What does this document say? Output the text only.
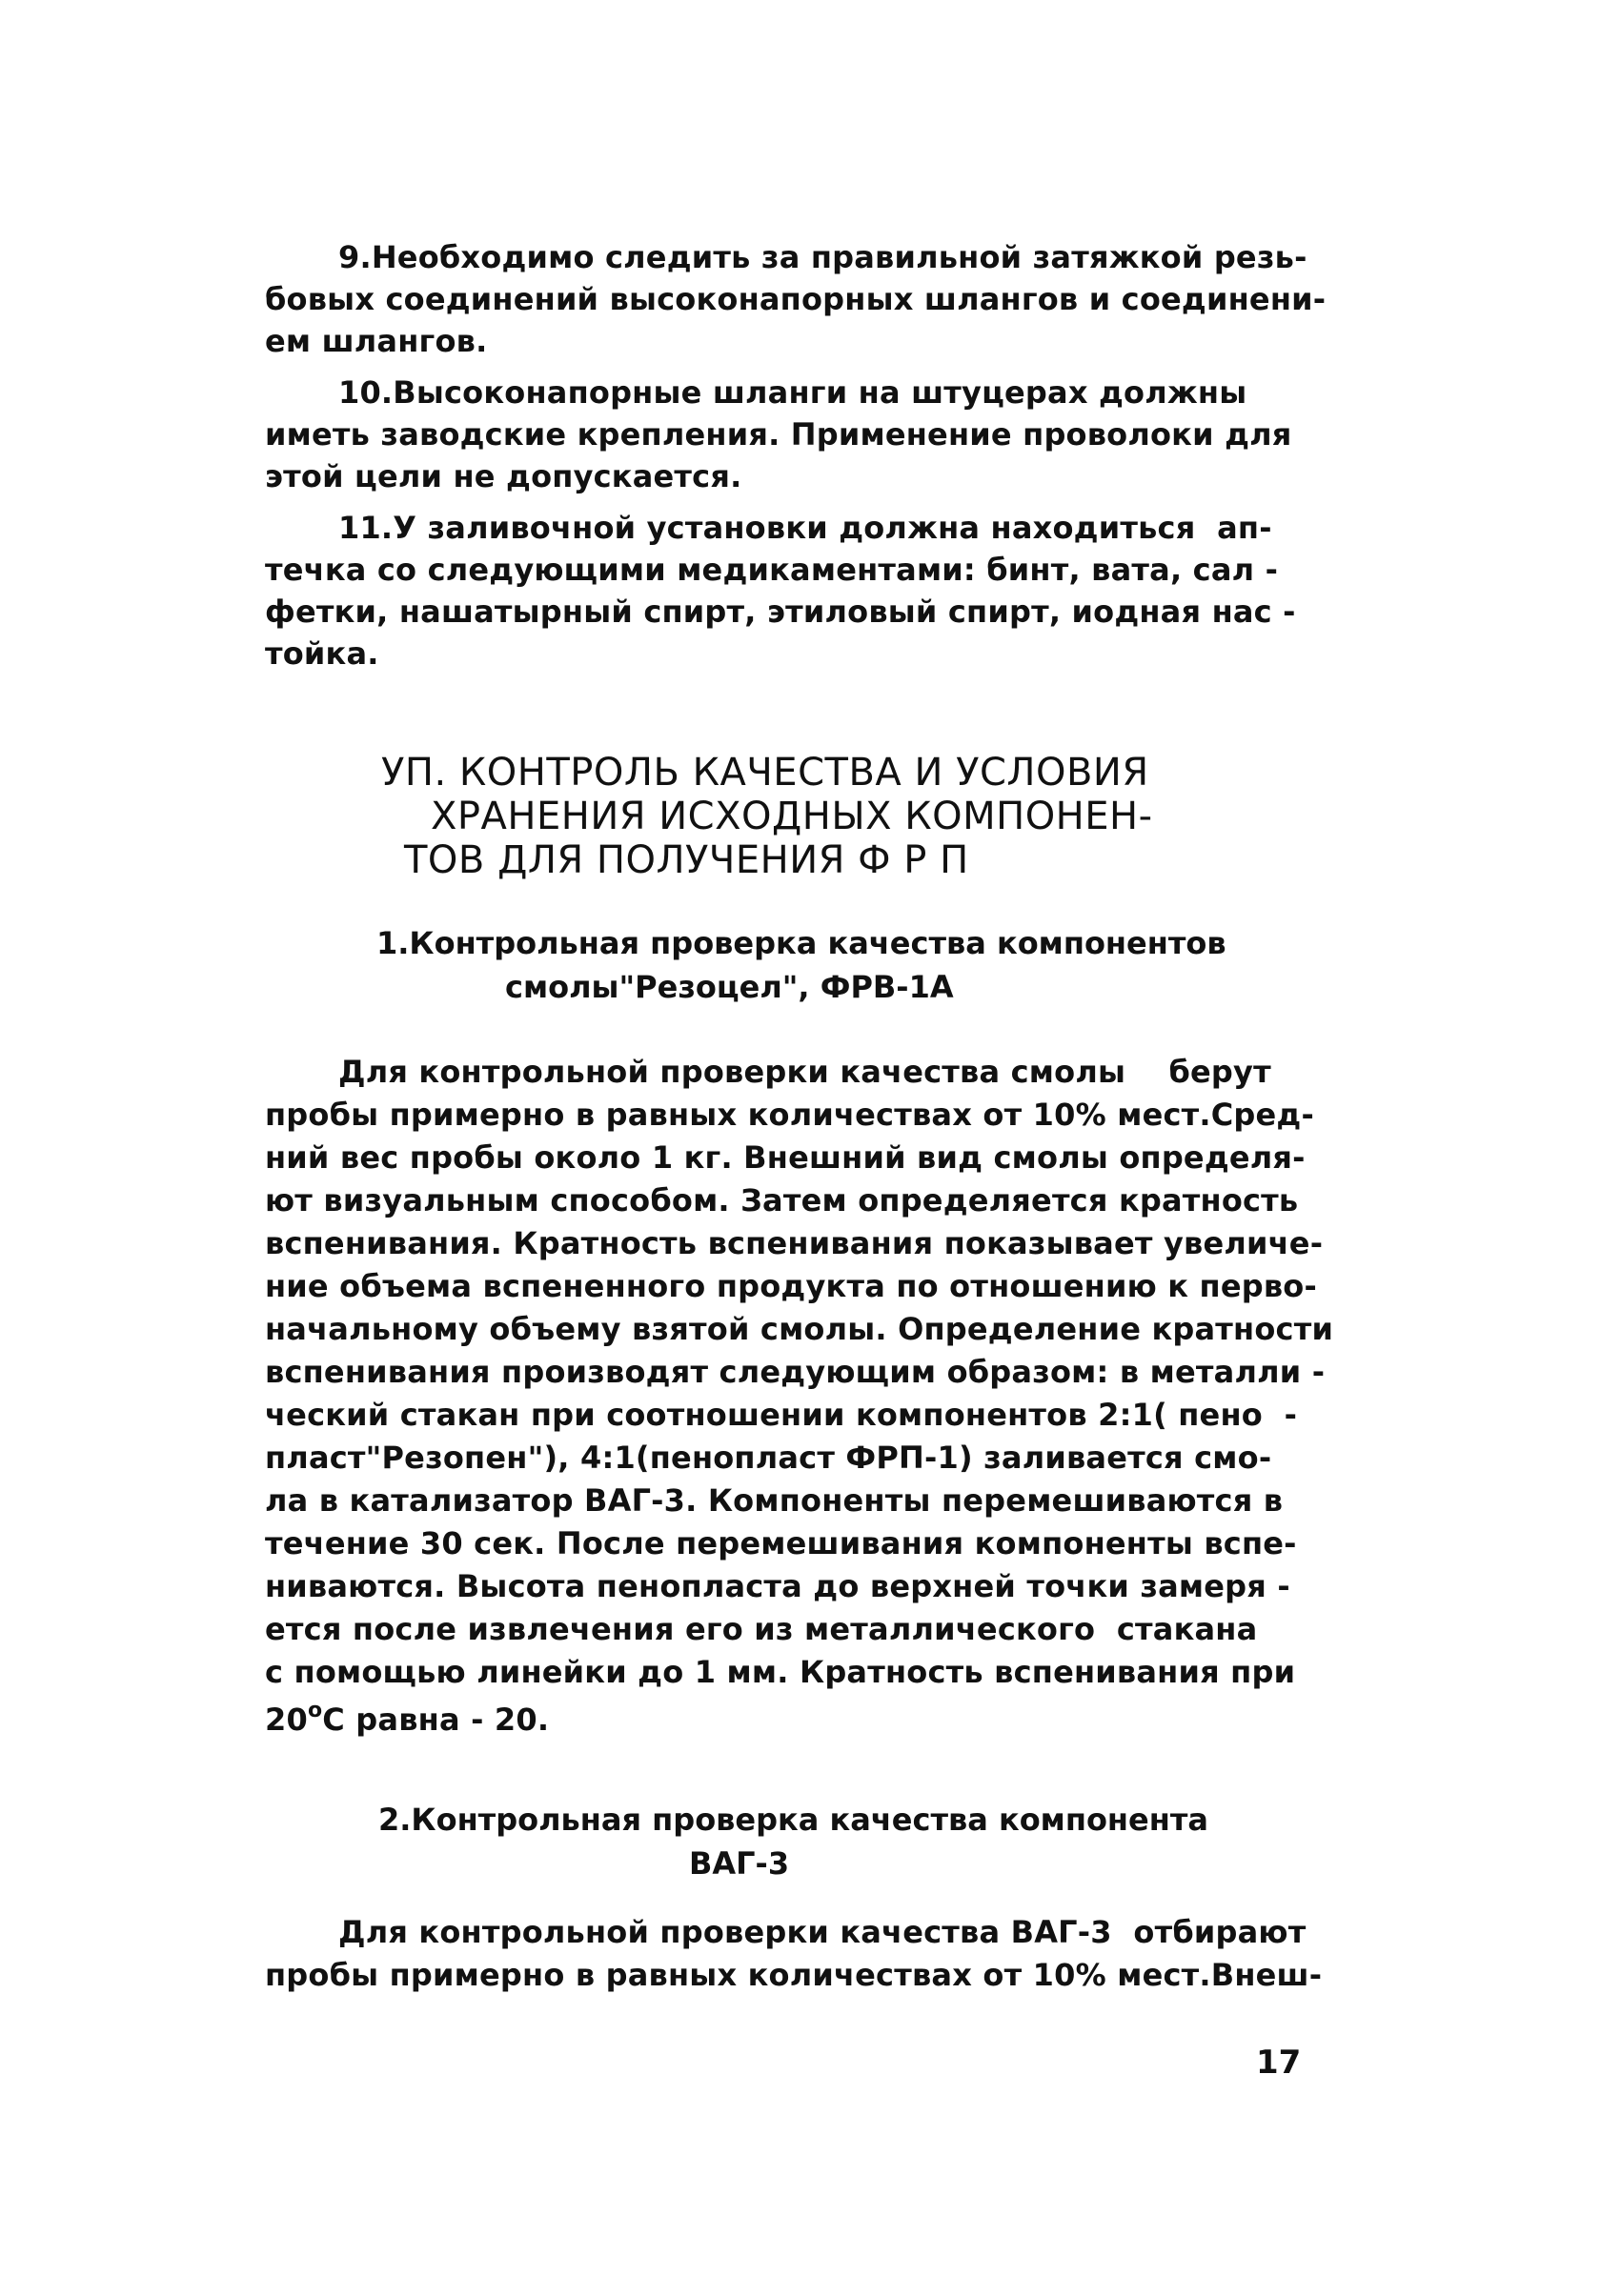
9.Необходимо следить за правильной затяжкой резь-

бовых соединений высоконапорных шлангов и соединени-

ем шлангов.

10.Высоконапорные шланги на штуцерах должны

иметь заводские крепления. Применение проволоки для

этой цели не допускается.

11.У заливочной установки должна находиться  ап-

течка со следующими медикаментами: бинт, вата, сал -

фетки, нашатырный спирт, этиловый спирт, иодная нас -

тойка.

УП. КОНТРОЛЬ КАЧЕСТВА И УСЛОВИЯ

ХРАНЕНИЯ ИСХОДНЫХ КОМПОНЕН-

ТОВ ДЛЯ ПОЛУЧЕНИЯ Ф Р П

1.Контрольная проверка качества компонентов

смолы"Резоцел", ФРВ-1А

Для контрольной проверки качества смолы    берут

пробы примерно в равных количествах от 10% мест.Сред-

ний вес пробы около 1 кг. Внешний вид смолы определя-

ют визуальным способом. Затем определяется кратность

вспенивания. Кратность вспенивания показывает увеличе-

ние объема вспененного продукта по отношению к перво-

начальному объему взятой смолы. Определение кратности

вспенивания производят следующим образом: в металли -

ческий стакан при соотношении компонентов 2:1( пено  -

пласт"Резопен"), 4:1(пенопласт ФРП-1) заливается смо-

ла в катализатор ВАГ-3. Компоненты перемешиваются в

течение 30 сек. После перемешивания компоненты вспе-

ниваются. Высота пенопласта до верхней точки замеря -

ется после извлечения его из металлического  стакана

с помощью линейки до 1 мм. Кратность вспенивания при

$20^оС$ равна - 20.

2.Контрольная проверка качества компонента

ВАГ-3

Для контрольной проверки качества ВАГ-3  отбирают

пробы примерно в равных количествах от 10% мест.Внеш-

17
